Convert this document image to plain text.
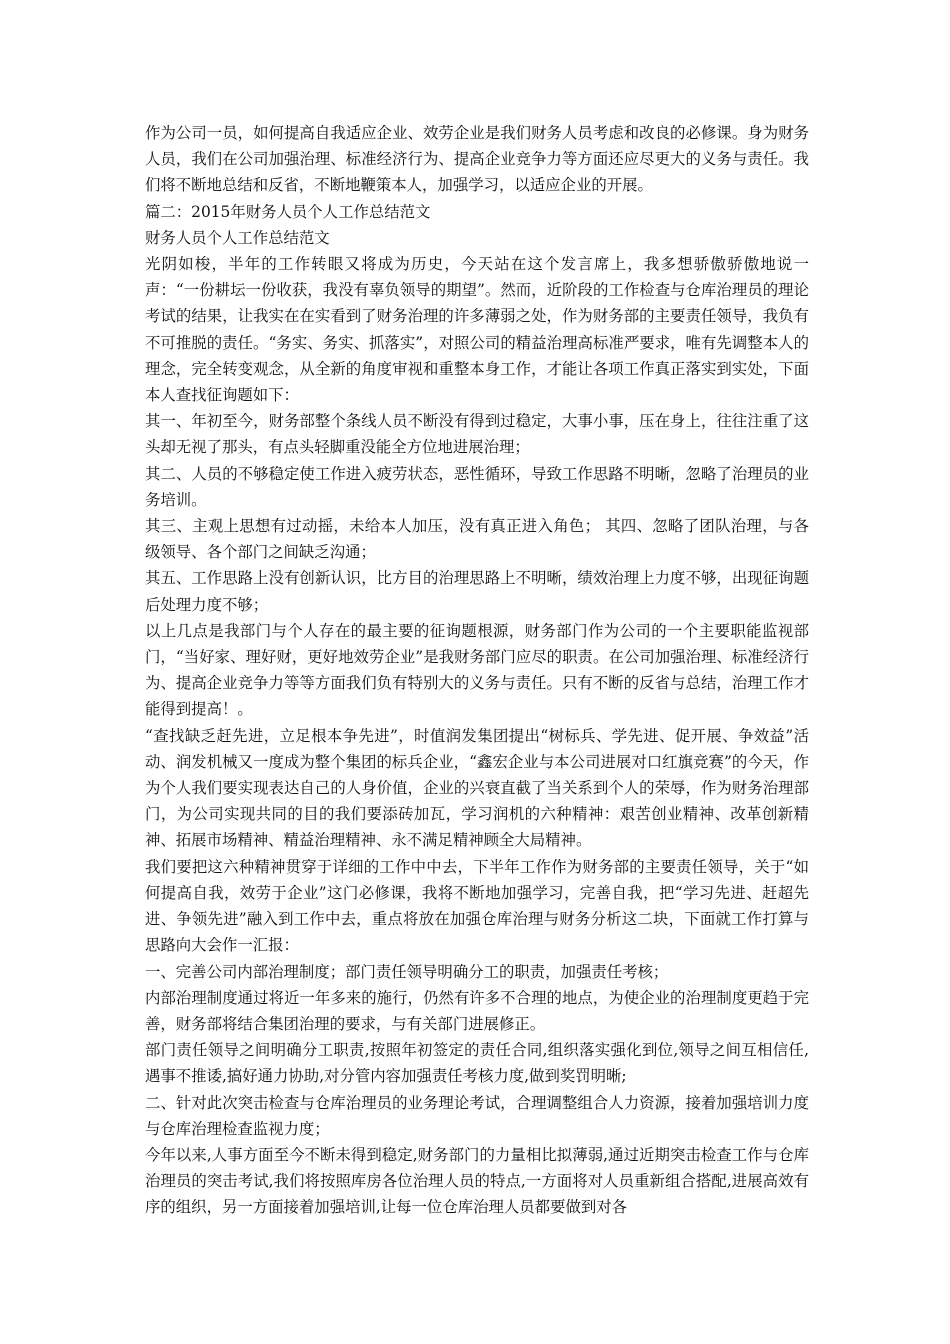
作为公司一员，如何提高自我适应企业、效劳企业是我们财务人员考虑和改良的必修课。身为财务人员，我们在公司加强治理、标准经济行为、提高企业竞争力等方面还应尽更大的义务与责任。我们将不断地总结和反省，不断地鞭策本人，加强学习，以适应企业的开展。

篇二：2015年财务人员个人工作总结范文

财务人员个人工作总结范文

光阴如梭，半年的工作转眼又将成为历史，今天站在这个发言席上，我多想骄傲骄傲地说一声：“一份耕坛一份收获，我没有辜负领导的期望”。然而，近阶段的工作检查与仓库治理员的理论考试的结果，让我实在在实看到了财务治理的许多薄弱之处，作为财务部的主要责任领导，我负有不可推脱的责任。“务实、务实、抓落实”，对照公司的精益治理高标准严要求，唯有先调整本人的理念，完全转变观念，从全新的角度审视和重整本身工作，才能让各项工作真正落实到实处，下面本人查找征询题如下：

其一、年初至今，财务部整个条线人员不断没有得到过稳定，大事小事，压在身上，往往注重了这头却无视了那头，有点头轻脚重没能全方位地进展治理；

其二、人员的不够稳定使工作进入疲劳状态，恶性循环，导致工作思路不明晰，忽略了治理员的业务培训。

其三、主观上思想有过动摇，未给本人加压，没有真正进入角色； 其四、忽略了团队治理，与各级领导、各个部门之间缺乏沟通；

其五、工作思路上没有创新认识，比方目的治理思路上不明晰，绩效治理上力度不够，出现征询题后处理力度不够；

以上几点是我部门与个人存在的最主要的征询题根源，财务部门作为公司的一个主要职能监视部门，“当好家、理好财，更好地效劳企业”是我财务部门应尽的职责。在公司加强治理、标准经济行为、提高企业竞争力等等方面我们负有特别大的义务与责任。只有不断的反省与总结，治理工作才能得到提高！。

“查找缺乏赶先进，立足根本争先进”，时值润发集团提出“树标兵、学先进、促开展、争效益”活动、润发机械又一度成为整个集团的标兵企业，“鑫宏企业与本公司进展对口红旗竞赛”的今天，作为个人我们要实现表达自己的人身价值，企业的兴衰直截了当关系到个人的荣辱，作为财务治理部门，为公司实现共同的目的我们要添砖加瓦，学习润机的六种精神：艰苦创业精神、改革创新精神、拓展市场精神、精益治理精神、永不满足精神顾全大局精神。

我们要把这六种精神贯穿于详细的工作中中去，下半年工作作为财务部的主要责任领导，关于“如何提高自我，效劳于企业”这门必修课，我将不断地加强学习，完善自我，把“学习先进、赶超先进、争领先进”融入到工作中去，重点将放在加强仓库治理与财务分析这二块，下面就工作打算与思路向大会作一汇报：

一、完善公司内部治理制度；部门责任领导明确分工的职责，加强责任考核；

内部治理制度通过将近一年多来的施行，仍然有许多不合理的地点，为使企业的治理制度更趋于完善，财务部将结合集团治理的要求，与有关部门进展修正。

部门责任领导之间明确分工职责,按照年初签定的责任合同,组织落实强化到位,领导之间互相信任,遇事不推诿,搞好通力协助,对分管内容加强责任考核力度,做到奖罚明晰;

二、针对此次突击检查与仓库治理员的业务理论考试，合理调整组合人力资源，接着加强培训力度与仓库治理检查监视力度；

今年以来,人事方面至今不断未得到稳定,财务部门的力量相比拟薄弱,通过近期突击检查工作与仓库治理员的突击考试,我们将按照库房各位治理人员的特点,一方面将对人员重新组合搭配,进展高效有序的组织，另一方面接着加强培训,让每一位仓库治理人员都要做到对各
